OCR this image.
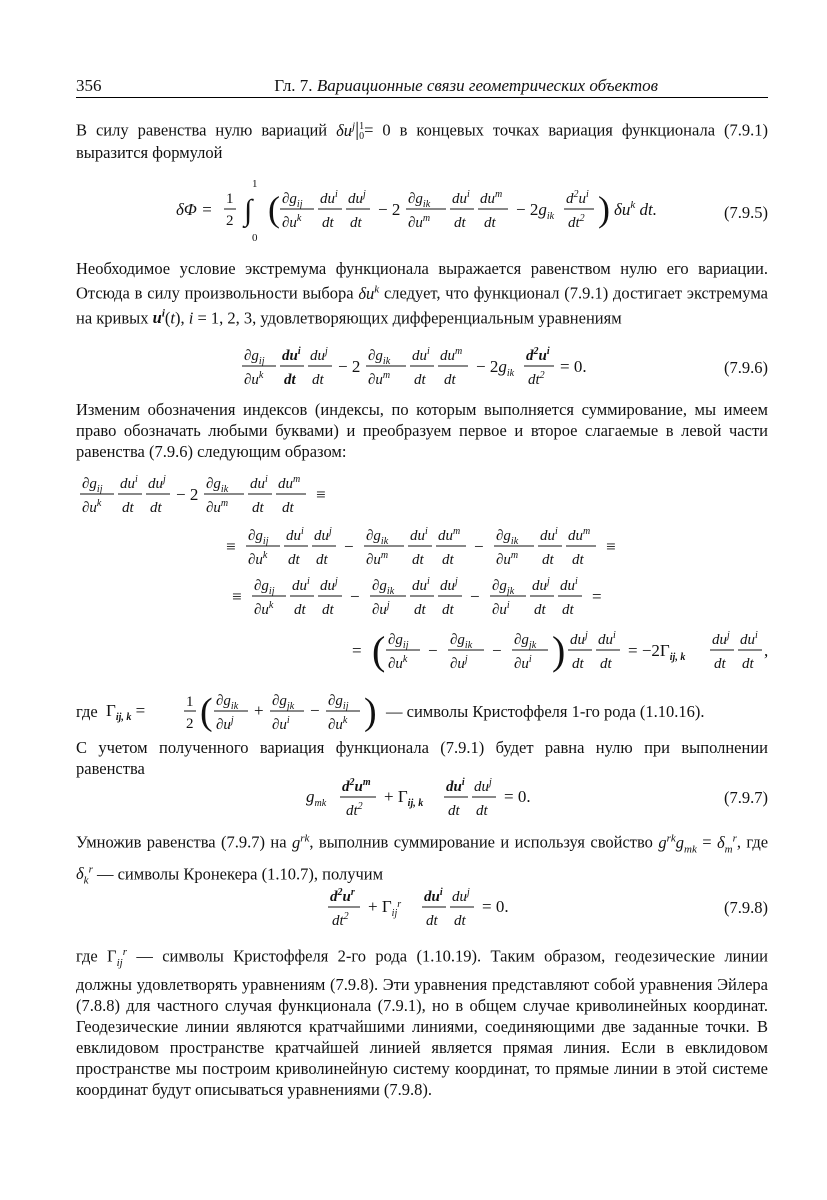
356	Гл. 7. Вариационные связи геометрических объектов

В силу равенства нулю вариаций $\delta u^j|$ 1
0 = 0 в концевых точках вариация функционала (7.9.1) выразится формулой

δΦ =
1
2 ∫
1
0
( $\partial g_{ij}$
$\partial u^k$
$du^i$
dt
$du^j$
dt
− 2
$\partial g_{ik}$
$\partial u^m$
$du^i$
dt
$du^m$
dt
− $2g_{ik}$
$d^2u^i$
$dt^2$ ) $\delta u^k$ dt.	(7.9.5)

Необходимое условие экстремума функционала выражается равенством нулю его вариации. Отсюда в силу произвольности выбора $\delta u^k$ следует, что функционал (7.9.1) достигает экстремума на кривых $u^i(t)$, i = 1, 2, 3, удовлетворяющих дифференциальным уравнениям

$\partial g_{ij}$
$\partial u^k$
$du^i$
dt
$du^j$
dt
− 2
$\partial g_{ik}$
$\partial u^m$
$du^i$
dt
$du^m$
dt
− $2g_{ik}$
$d^2u^i$
$dt^2 = 0$.	(7.9.6)

Изменим обозначения индексов (индексы, по которым выполняется суммирование, мы имеем право обозначать любыми буквами) и преобразуем первое и второе слагаемые в левой части равенства (7.9.6) следующим образом:

$\partial g_{ij}$
$\partial u^k$
$du^i$
dt
$du^j$
dt
− 2
$\partial g_{ik}$
$\partial u^m$
$du^i$
dt
$du^m$
dt
≡
≡
$\partial g_{ij}$
$\partial u^k$
$du^i$
dt
$du^j$
dt
−
$\partial g_{ik}$
$\partial u^m$
$du^i$
dt
$du^m$
dt
−
$\partial g_{ik}$
$\partial u^m$
$du^i$
dt
$du^m$
dt
≡
≡
$\partial g_{ij}$
$\partial u^k$
$du^i$
dt
$du^j$
dt
−
$\partial g_{ik}$
$\partial u^j$
$du^i$
dt
$du^j$
dt
−
$\partial g_{jk}$
$\partial u^i$
$du^j$
dt
$du^i$
dt
=
= ( $\partial g_{ij}$
$\partial u^k$ −
$\partial g_{ik}$
$\partial u^j$ −
$\partial g_{jk}$
$\partial u^i$ ) $du^j$
dt
$du^i$
dt
= $-2\Gamma_{ij, k}$
$du^j$
dt
$du^i$
dt
,
где $\Gamma_{ij, k}$ =	1
2 ( $\partial g_{ik}$
$\partial u^j$
+ $\partial g_{jk}$
$\partial u^i$
− $\partial g_{ij}$
$\partial u^k$ ) — символы Кристоффеля 1-го рода (1.10.16).

С учетом полученного вариация функционала (7.9.1) будет равна нулю при выполнении равенства

$g_{mk}$
$d^2u^m$
$dt^2$
+ $\Gamma_{ij, k}$
$du^i$
dt
$du^j$
dt
= 0.	(7.9.7)

Умножив равенства (7.9.7) на $g^{rk}$, выполнив суммирование и используя свойство $g^{rk}g_{mk} = \delta_m^r$, где $\delta_k^r$ — символы Кронекера (1.10.7), получим

$d^2u^r$
$dt^2$
+ $\Gamma_{ij}^r$ $du^i$
dt
$du^j$
dt
= 0.	(7.9.8)

где $\Gamma_{ij}^r$ — символы Кристоффеля 2-го рода (1.10.19). Таким образом, геодезические линии должны удовлетворять уравнениям (7.9.8). Эти уравнения представляют собой уравнения Эйлера (7.8.8) для частного случая функционала (7.9.1), но в общем случае криволинейных координат. Геодезические линии являются кратчайшими линиями, соединяющими две заданные точки. В евклидовом пространстве кратчайшей линией является прямая линия. Если в евклидовом пространстве мы построим криволинейную систему координат, то прямые линии в этой системе координат будут описываться уравнениями (7.9.8).
